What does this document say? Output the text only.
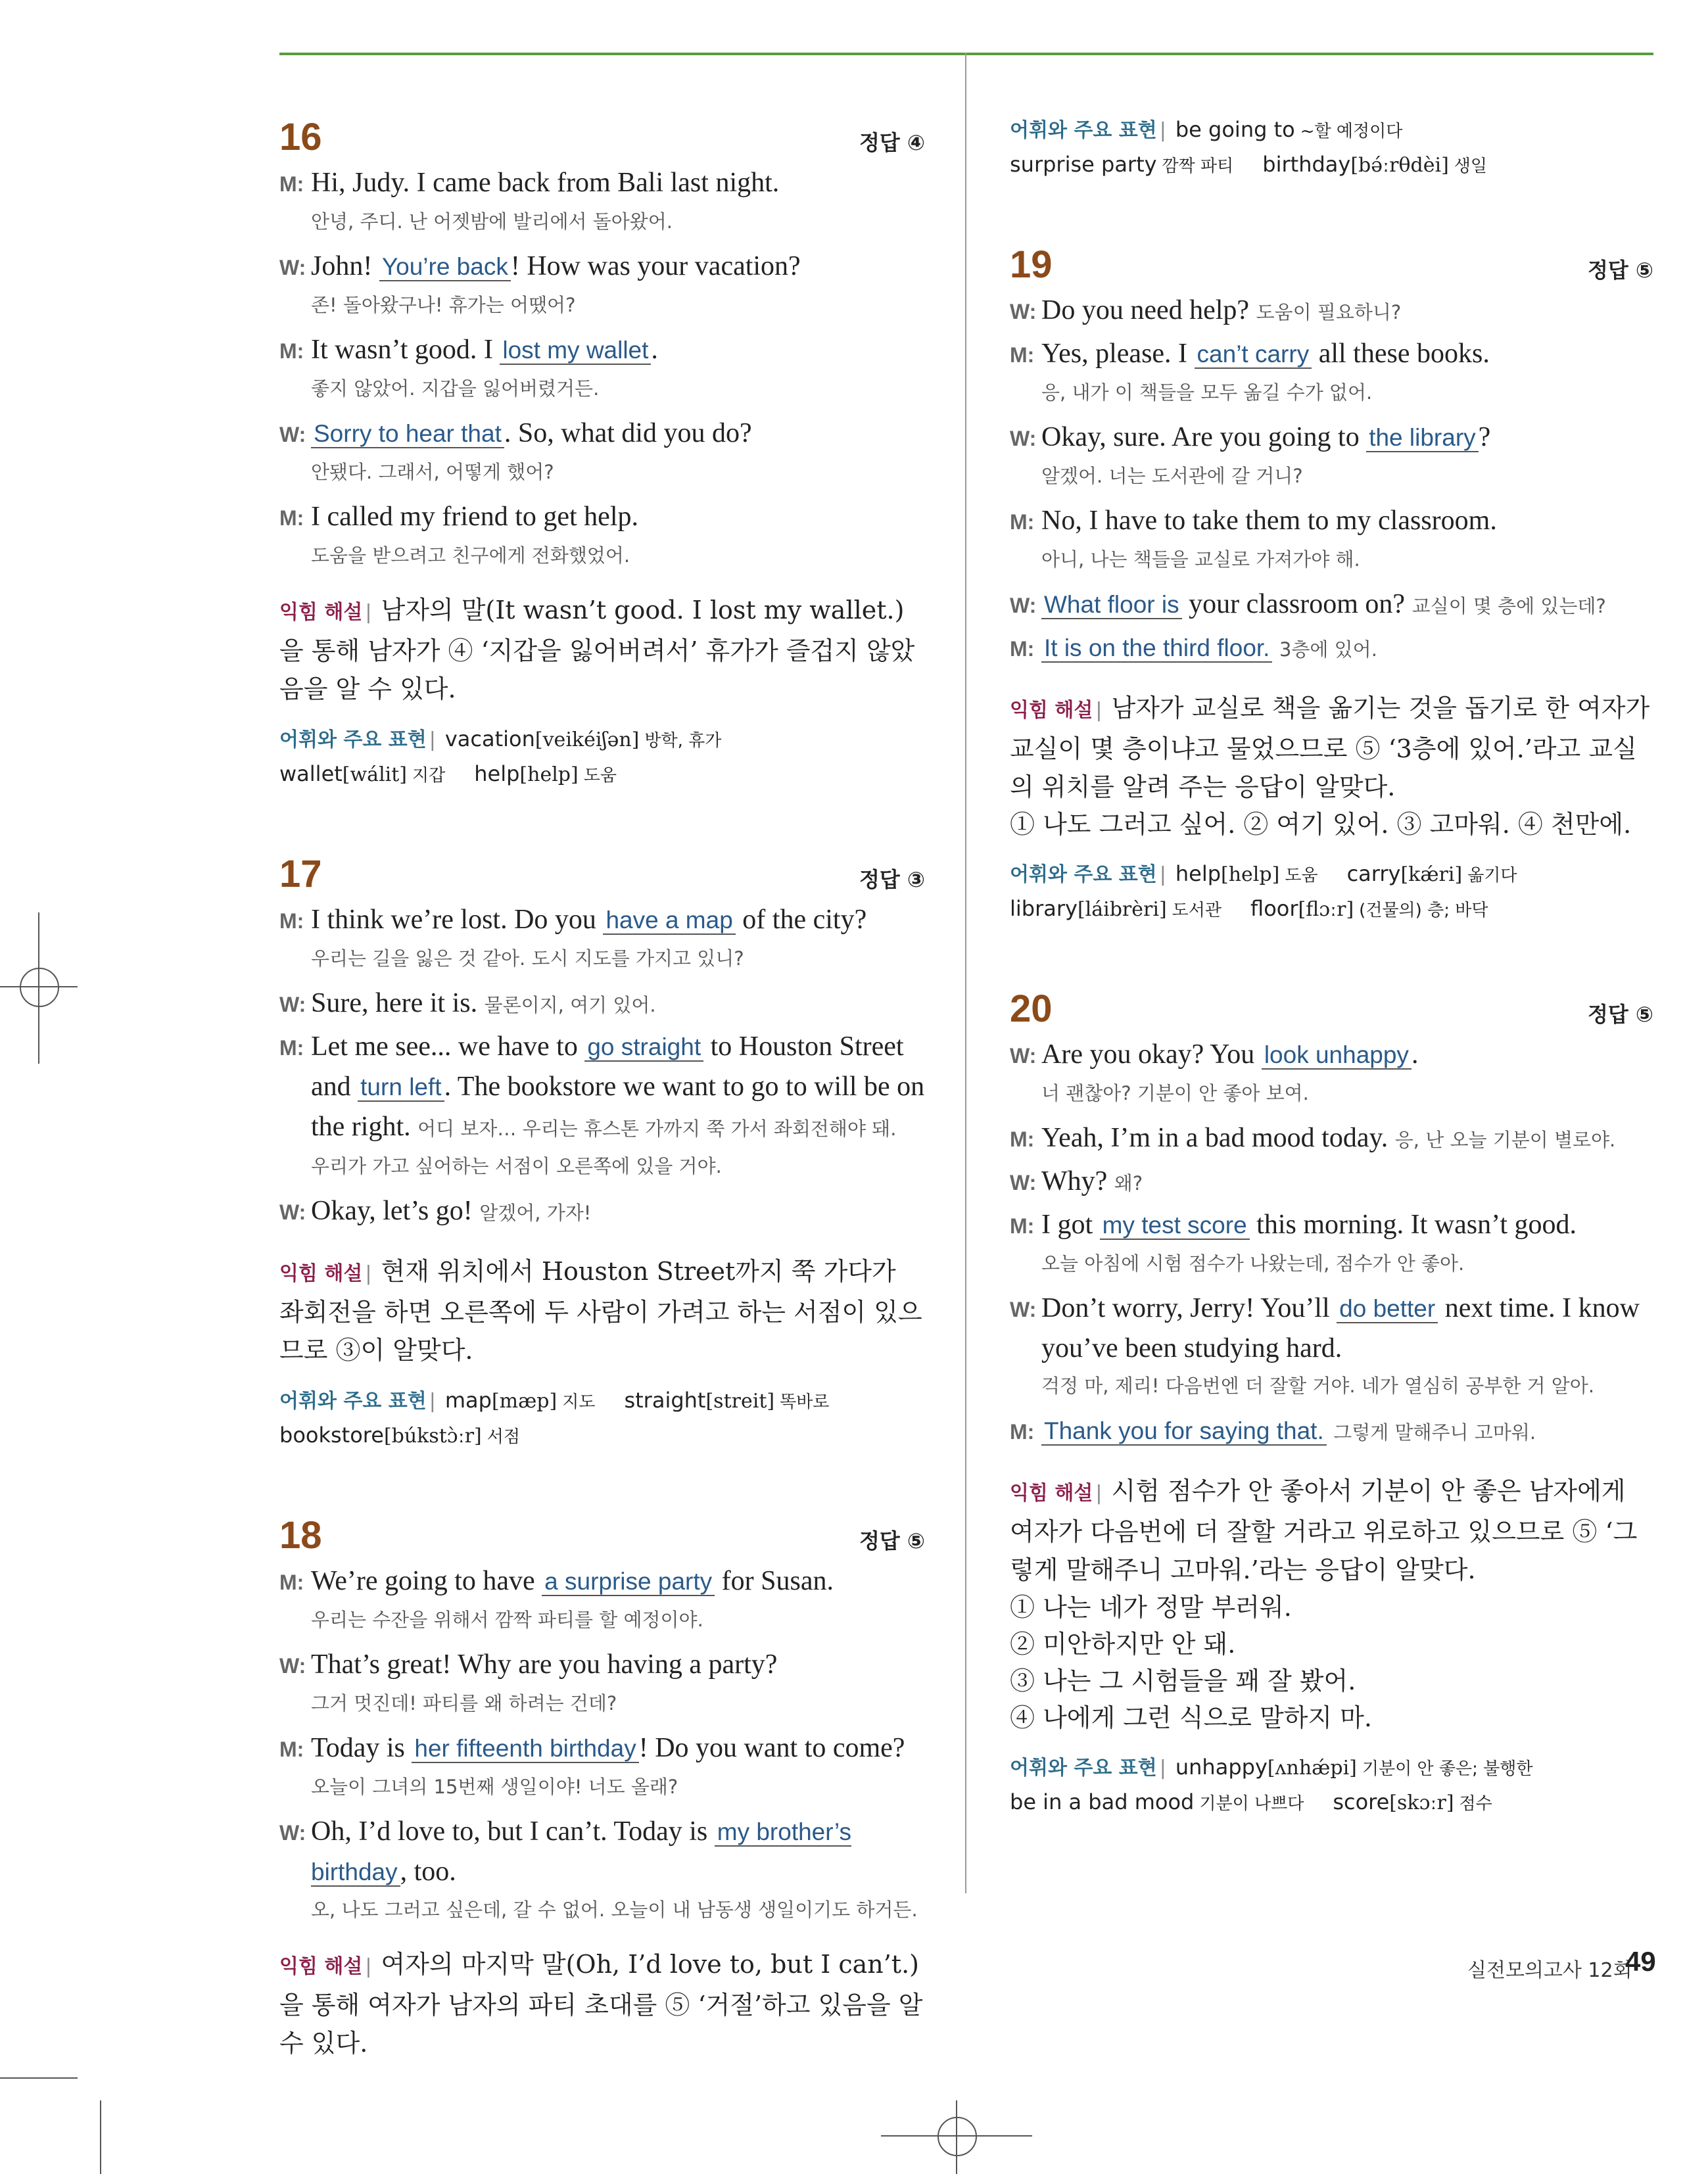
16	정답 ④
M: Hi, Judy. I came back from Bali last night.
안녕, 주디. 난 어젯밤에 발리에서 돌아왔어.
W: John! You’re back! How was your vacation?
존! 돌아왔구나! 휴가는 어땠어?
M: It wasn’t good. I lost my wallet.
좋지 않았어. 지갑을 잃어버렸거든.
W: Sorry to hear that. So, what did you do?
안됐다. 그래서, 어떻게 했어?
M: I called my friend to get help.
도움을 받으려고 친구에게 전화했었어.
익힘 해설 | 남자의 말(It wasn’t good. I lost my wallet.)을 통해 남자가 ④ ‘지갑을 잃어버려서’ 휴가가 즐겁지 않았음을 알 수 있다.
어휘와 주요 표현 | vacation[veikéiʃən] 방학, 휴가
wallet[wálit] 지갑 help[help] 도움
17	정답 ③
M: I think we’re lost. Do you have a map of the city?
우리는 길을 잃은 것 같아. 도시 지도를 가지고 있니?
W: Sure, here it is. 물론이지, 여기 있어.
M: Let me see... we have to go straight to Houston Street and turn left. The bookstore we want to go to will be on the right. 어디 보자… 우리는 휴스톤 가까지 쭉 가서 좌회전해야 돼.
우리가 가고 싶어하는 서점이 오른쪽에 있을 거야.
W: Okay, let’s go! 알겠어, 가자!
익힘 해설 | 현재 위치에서 Houston Street까지 쭉 가다가 좌회전을 하면 오른쪽에 두 사람이 가려고 하는 서점이 있으므로 ③이 알맞다.
어휘와 주요 표현 | map[mæp] 지도 straight[streit] 똑바로
bookstore[búkstɔ̀ːr] 서점
18	정답 ⑤
M: We’re going to have a surprise party for Susan.
우리는 수잔을 위해서 깜짝 파티를 할 예정이야.
W: That’s great! Why are you having a party?
그거 멋진데! 파티를 왜 하려는 건데?
M: Today is her fifteenth birthday! Do you want to come?
오늘이 그녀의 15번째 생일이야! 너도 올래?
W: Oh, I’d love to, but I can’t. Today is my brother’s birthday, too.
오, 나도 그러고 싶은데, 갈 수 없어. 오늘이 내 남동생 생일이기도 하거든.
익힘 해설 | 여자의 마지막 말(Oh, I’d love to, but I can’t.)을 통해 여자가 남자의 파티 초대를 ⑤ ‘거절’하고 있음을 알 수 있다.
어휘와 주요 표현 | be going to ~할 예정이다
surprise party 깜짝 파티 birthday[bə́ːrθdèi] 생일
19	정답 ⑤
W: Do you need help? 도움이 필요하니?
M: Yes, please. I can’t carry all these books.
응, 내가 이 책들을 모두 옮길 수가 없어.
W: Okay, sure. Are you going to the library?
알겠어. 너는 도서관에 갈 거니?
M: No, I have to take them to my classroom.
아니, 나는 책들을 교실로 가져가야 해.
W: What floor is your classroom on? 교실이 몇 층에 있는데?
M: It is on the third floor. 3층에 있어.
익힘 해설 | 남자가 교실로 책을 옮기는 것을 돕기로 한 여자가 교실이 몇 층이냐고 물었으므로 ⑤ ‘3층에 있어.’라고 교실의 위치를 알려 주는 응답이 알맞다.
① 나도 그러고 싶어. ② 여기 있어. ③ 고마워. ④ 천만에.
어휘와 주요 표현 | help[help] 도움 carry[kǽri] 옮기다
library[láibrèri] 도서관 floor[flɔːr] (건물의) 층; 바닥
20	정답 ⑤
W: Are you okay? You look unhappy.
너 괜찮아? 기분이 안 좋아 보여.
M: Yeah, I’m in a bad mood today. 응, 난 오늘 기분이 별로야.
W: Why? 왜?
M: I got my test score this morning. It wasn’t good.
오늘 아침에 시험 점수가 나왔는데, 점수가 안 좋아.
W: Don’t worry, Jerry! You’ll do better next time. I know you’ve been studying hard.
걱정 마, 제리! 다음번엔 더 잘할 거야. 네가 열심히 공부한 거 알아.
M: Thank you for saying that. 그렇게 말해주니 고마워.
익힘 해설 | 시험 점수가 안 좋아서 기분이 안 좋은 남자에게 여자가 다음번에 더 잘할 거라고 위로하고 있으므로 ⑤ ‘그렇게 말해주니 고마워.’라는 응답이 알맞다.
① 나는 네가 정말 부러워.
② 미안하지만 안 돼.
③ 나는 그 시험들을 꽤 잘 봤어.
④ 나에게 그런 식으로 말하지 마.
어휘와 주요 표현 | unhappy[ʌnhǽpi] 기분이 안 좋은; 불행한
be in a bad mood 기분이 나쁘다 score[skɔːr] 점수
실전모의고사 12회
49
